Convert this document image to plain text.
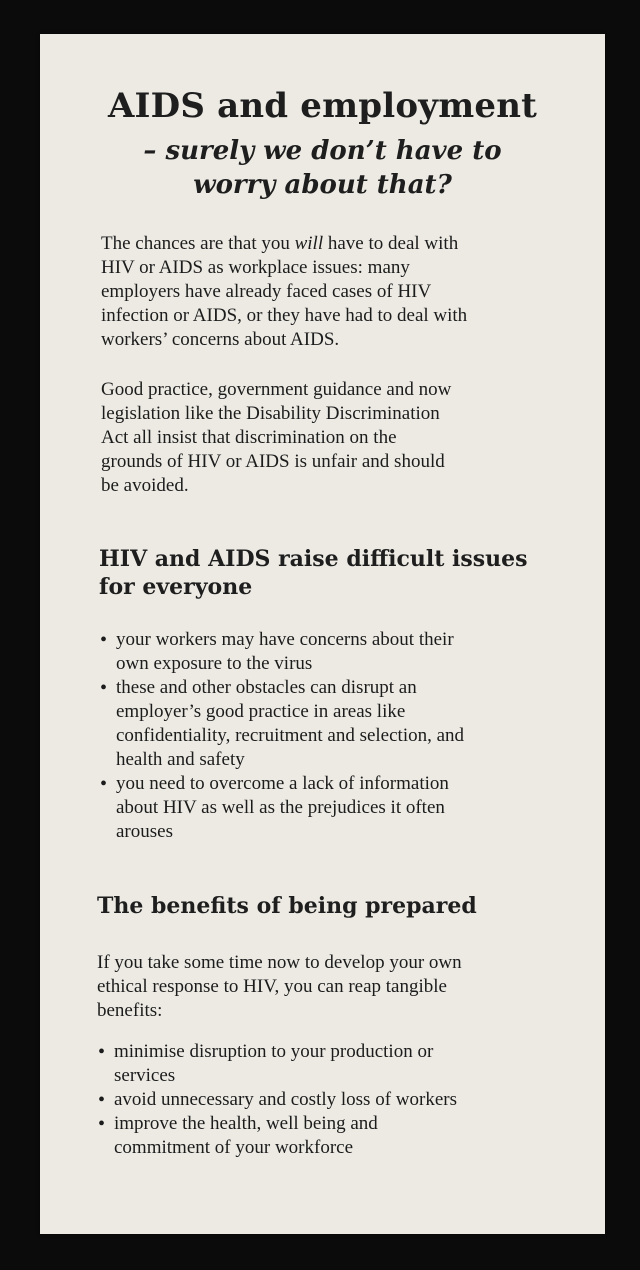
AIDS and employment
– surely we don’t have to
worry about that?
The chances are that you will have to deal with
HIV or AIDS as workplace issues: many
employers have already faced cases of HIV
infection or AIDS, or they have had to deal with
workers’ concerns about AIDS.
Good practice, government guidance and now
legislation like the Disability Discrimination
Act all insist that discrimination on the
grounds of HIV or AIDS is unfair and should
be avoided.
HIV and AIDS raise difficult issues
for everyone
• your workers may have concerns about their
own exposure to the virus
• these and other obstacles can disrupt an
employer’s good practice in areas like
confidentiality, recruitment and selection, and
health and safety
• you need to overcome a lack of information
about HIV as well as the prejudices it often
arouses
The benefits of being prepared
If you take some time now to develop your own
ethical response to HIV, you can reap tangible
benefits:
• minimise disruption to your production or
services
• avoid unnecessary and costly loss of workers
• improve the health, well being and
commitment of your workforce
